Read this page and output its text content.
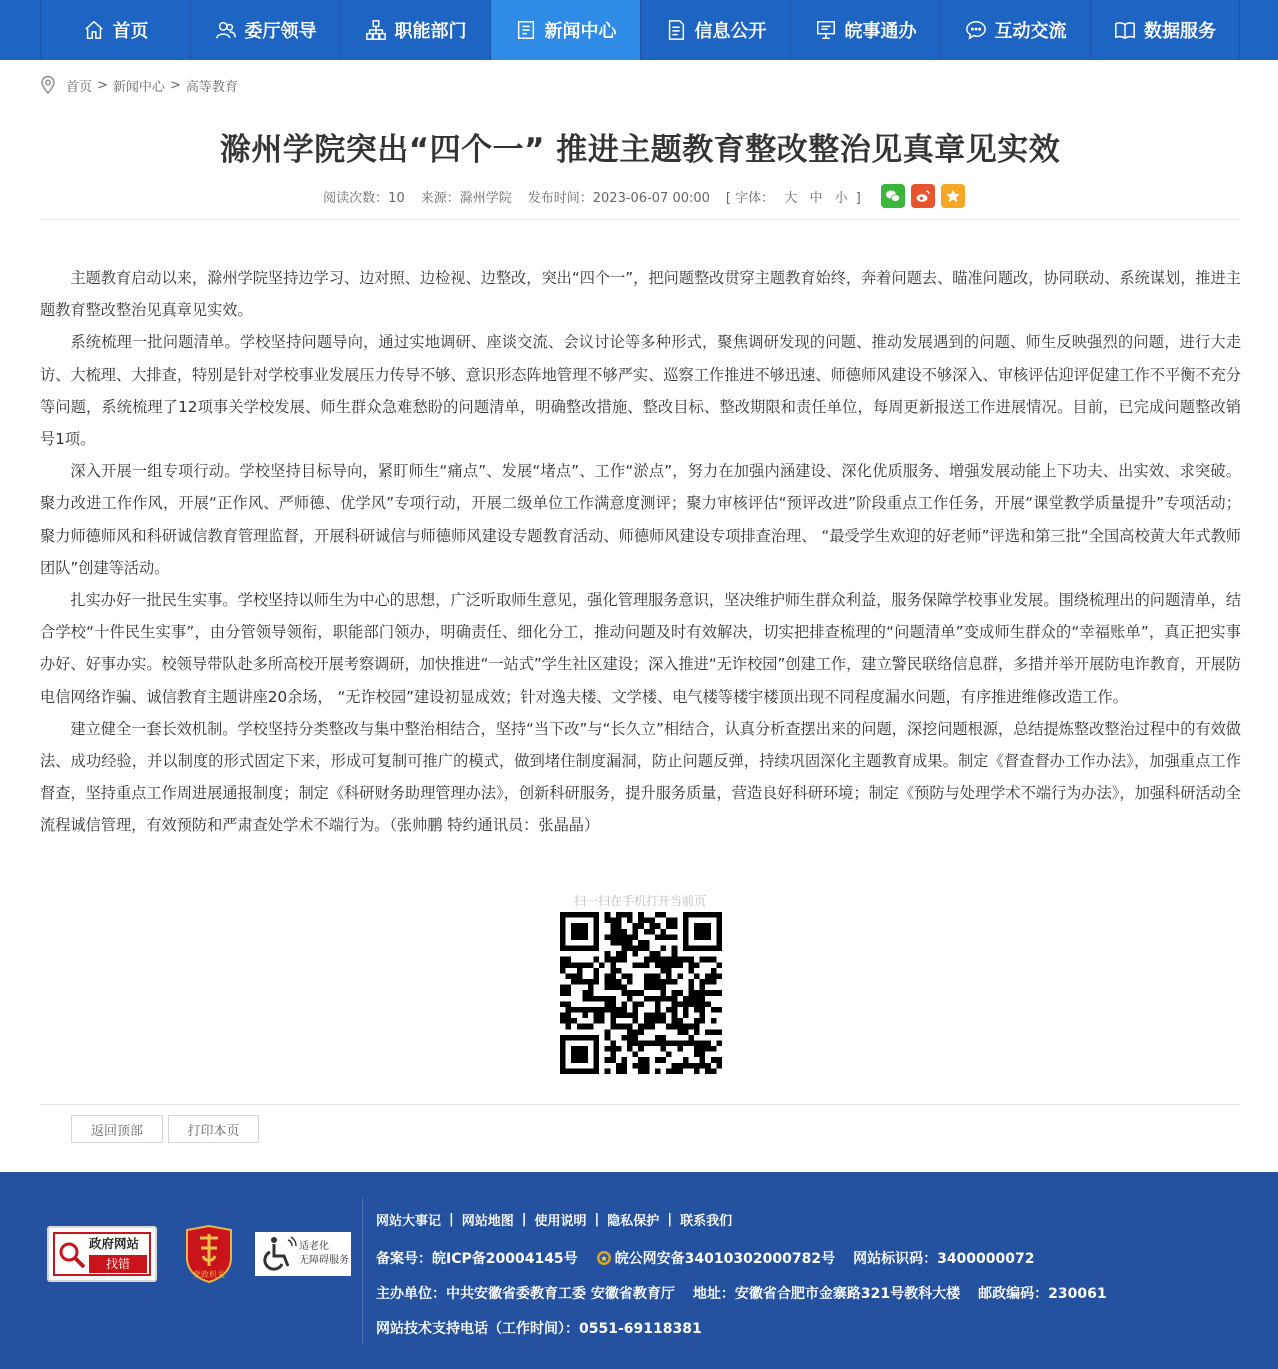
首页	委厅领导	职能部门	新闻中心	信息公开	皖事通办	互动交流	数据服务
首页 > 新闻中心 > 高等教育
滁州学院突出“四个一” 推进主题教育整改整治见真章见实效
阅读次数：10 来源：滁州学院 发布时间：2023-06-07 00:00 [ 字体： 大 中 小 ]

主题教育启动以来，滁州学院坚持边学习、边对照、边检视、边整改，突出“四个一”，把问题整改贯穿主题教育始终，奔着问题去、瞄准问题改，协同联动、系统谋划，推进主题教育整改整治见真章见实效。

系统梳理一批问题清单。学校坚持问题导向，通过实地调研、座谈交流、会议讨论等多种形式，聚焦调研发现的问题、推动发展遇到的问题、师生反映强烈的问题，进行大走访、大梳理、大排查，特别是针对学校事业发展压力传导不够、意识形态阵地管理不够严实、巡察工作推进不够迅速、师德师风建设不够深入、审核评估迎评促建工作不平衡不充分等问题，系统梳理了12项事关学校发展、师生群众急难愁盼的问题清单，明确整改措施、整改目标、整改期限和责任单位，每周更新报送工作进展情况。目前，已完成问题整改销号1项。

深入开展一组专项行动。学校坚持目标导向，紧盯师生“痛点”、发展“堵点”、工作“淤点”，努力在加强内涵建设、深化优质服务、增强发展动能上下功夫、出实效、求突破。聚力改进工作作风，开展“正作风、严师德、优学风”专项行动，开展二级单位工作满意度测评；聚力审核评估“预评改进”阶段重点工作任务，开展“课堂教学质量提升”专项活动；聚力师德师风和科研诚信教育管理监督，开展科研诚信与师德师风建设专题教育活动、师德师风建设专项排查治理、 “最受学生欢迎的好老师”评选和第三批“全国高校黄大年式教师团队”创建等活动。

扎实办好一批民生实事。学校坚持以师生为中心的思想，广泛听取师生意见，强化管理服务意识，坚决维护师生群众利益，服务保障学校事业发展。围绕梳理出的问题清单，结合学校“十件民生实事”，由分管领导领衔，职能部门领办，明确责任、细化分工，推动问题及时有效解决，切实把排查梳理的“问题清单”变成师生群众的“幸福账单”，真正把实事办好、好事办实。校领导带队赴多所高校开展考察调研，加快推进“一站式”学生社区建设；深入推进“无诈校园”创建工作，建立警民联络信息群，多措并举开展防电诈教育，开展防电信网络诈骗、诚信教育主题讲座20余场， “无诈校园”建设初显成效；针对逸夫楼、文学楼、电气楼等楼宇楼顶出现不同程度漏水问题，有序推进维修改造工作。

建立健全一套长效机制。学校坚持分类整改与集中整治相结合，坚持“当下改”与“长久立”相结合，认真分析查摆出来的问题，深挖问题根源，总结提炼整改整治过程中的有效做法、成功经验，并以制度的形式固定下来，形成可复制可推广的模式，做到堵住制度漏洞，防止问题反弹，持续巩固深化主题教育成果。制定《督查督办工作办法》，加强重点工作督查，坚持重点工作周进展通报制度；制定《科研财务助理管理办法》，创新科研服务，提升服务质量，营造良好科研环境；制定《预防与处理学术不端行为办法》，加强科研活动全流程诚信管理，有效预防和严肃查处学术不端行为。（张帅鹏 特约通讯员：张晶晶）

扫一扫在手机打开当前页
返回顶部	打印本页
政府网站
找错
党政机关
适老化
无障碍服务
网站大事记 | 网站地图 | 使用说明 | 隐私保护 | 联系我们
备案号：皖ICP备20004145号	皖公网安备34010302000782号 网站标识码：3400000072
主办单位：中共安徽省委教育工委 安徽省教育厅 地址：安徽省合肥市金寨路321号教科大楼 邮政编码：230061
网站技术支持电话（工作时间）：0551-69118381
